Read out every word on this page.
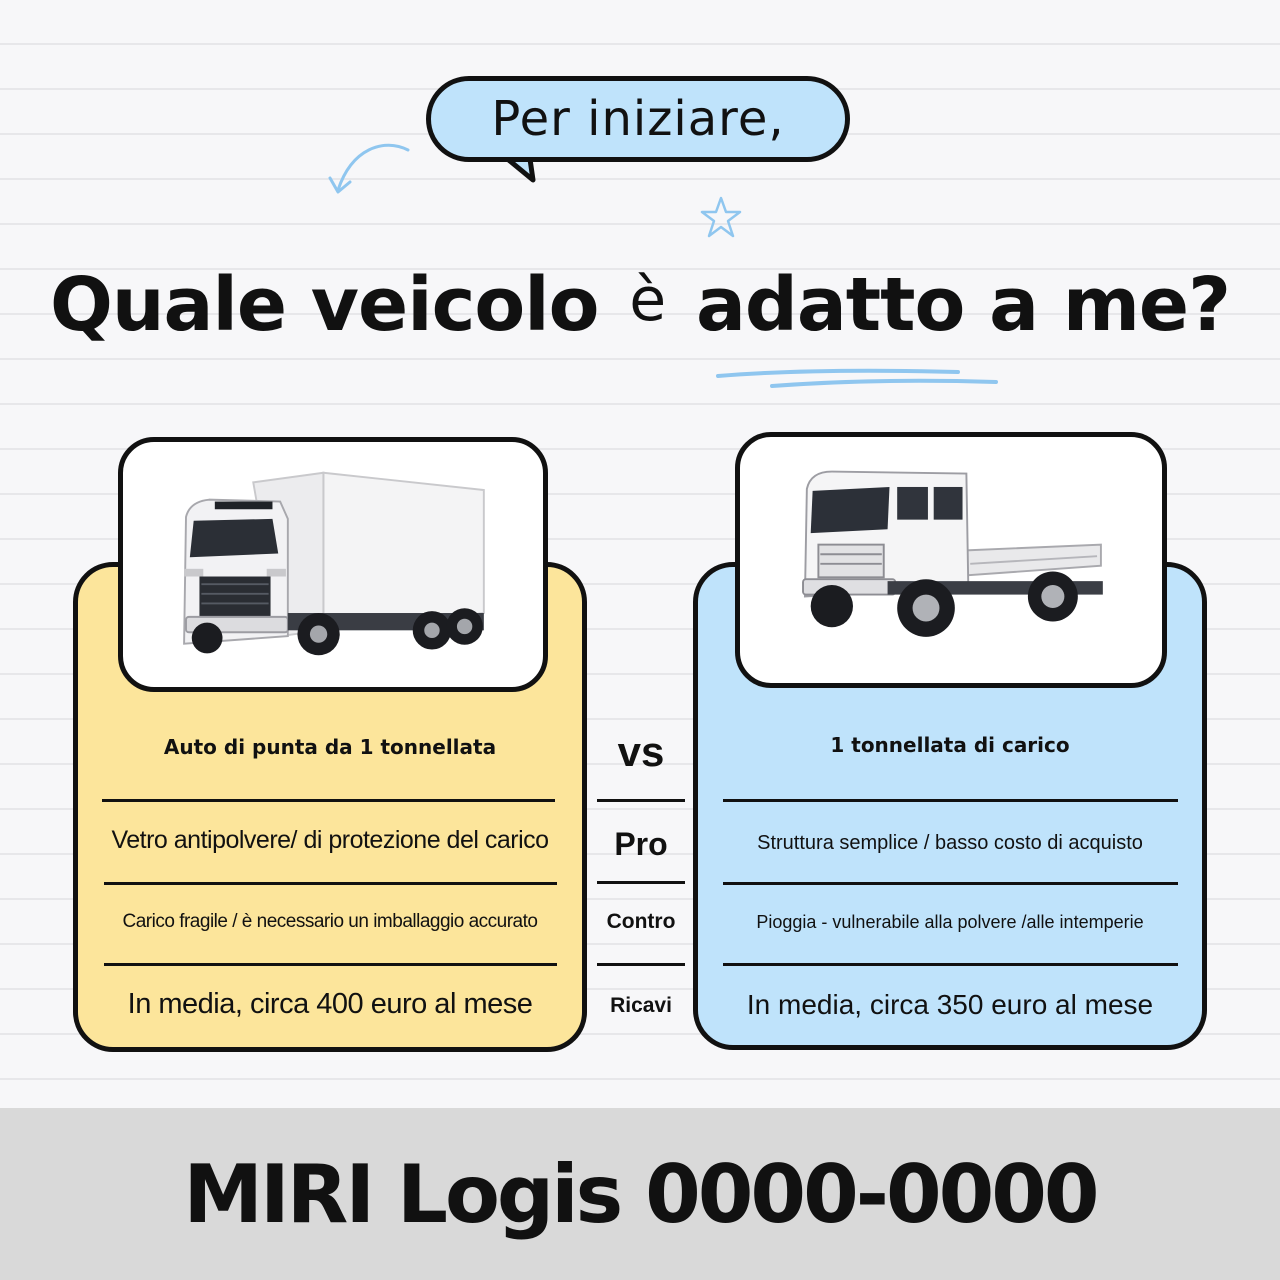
Per iniziare,
Quale veicolo è adatto a me?
Auto di punta da 1 tonnellata
Vetro antipolvere/ di protezione del carico
Carico fragile / è necessario un imballaggio accurato
In media, circa 400 euro al mese
vs
Pro
Contro
Ricavi
1 tonnellata di carico
Struttura semplice / basso costo di acquisto
Pioggia - vulnerabile alla polvere /alle intemperie
In media, circa 350 euro al mese
MIRI Logis 0000-0000
